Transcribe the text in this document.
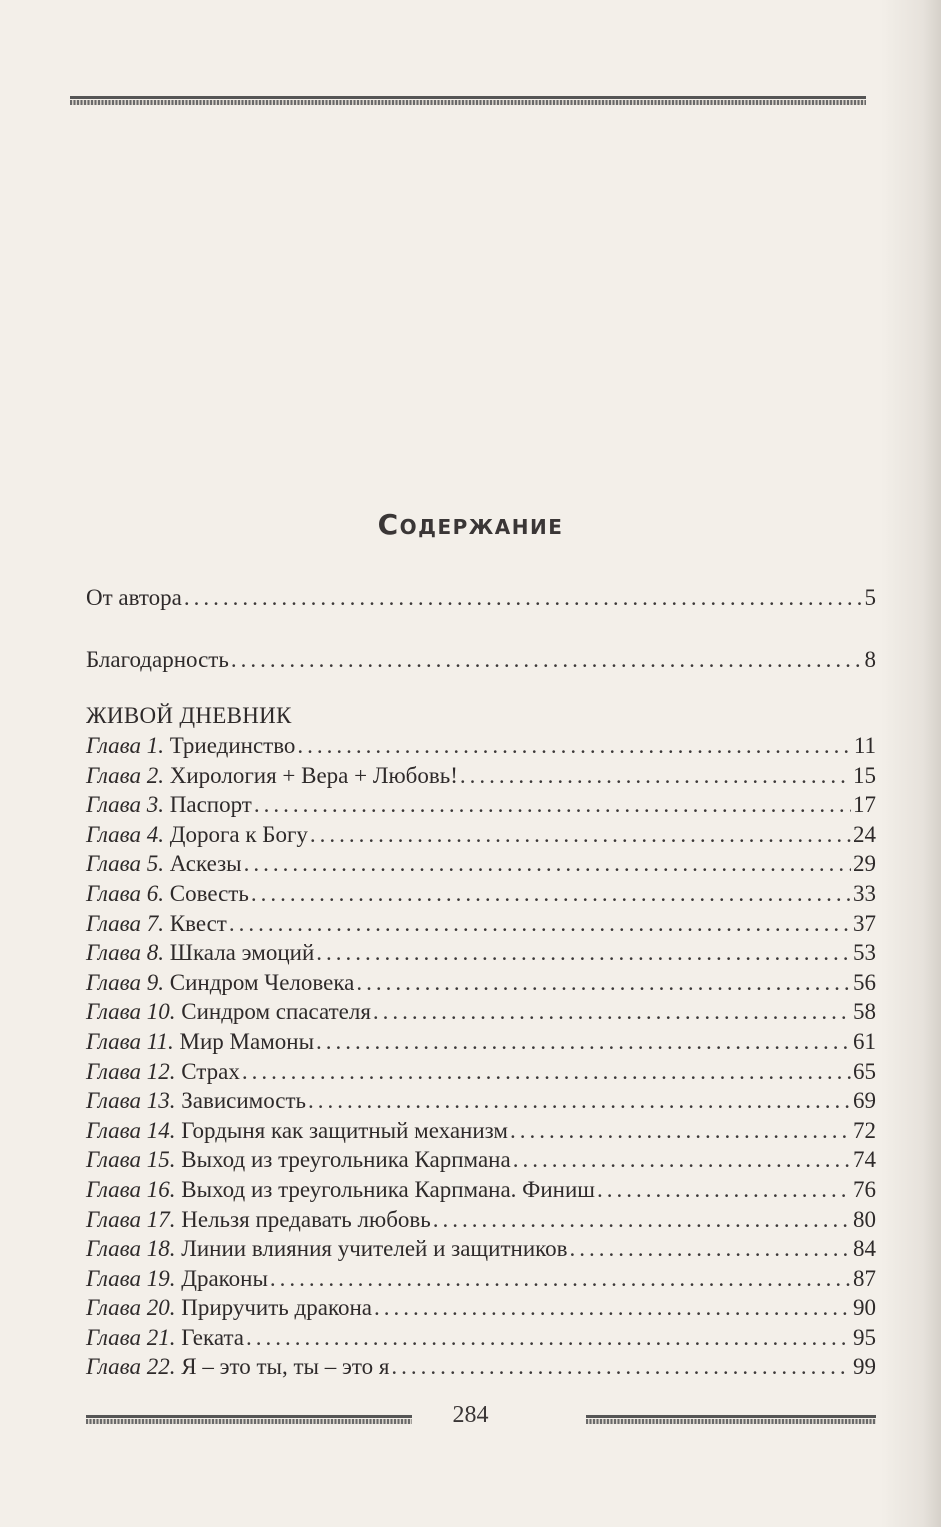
Содержание
От автора .....	5
Благодарность .....	8
ЖИВОЙ ДНЕВНИК
Глава 1. Триединство .....	11
Глава 2. Хирология + Вера + Любовь! .....	15
Глава 3. Паспорт .....	17
Глава 4. Дорога к Богу .....	24
Глава 5. Аскезы .....	29
Глава 6. Совесть .....	33
Глава 7. Квест .....	37
Глава 8. Шкала эмоций .....	53
Глава 9. Синдром Человека .....	56
Глава 10. Синдром спасателя .....	58
Глава 11. Мир Мамоны .....	61
Глава 12. Страх .....	65
Глава 13. Зависимость .....	69
Глава 14. Гордыня как защитный механизм .....	72
Глава 15. Выход из треугольника Карпмана .....	74
Глава 16. Выход из треугольника Карпмана. Финиш .....	76
Глава 17. Нельзя предавать любовь .....	80
Глава 18. Линии влияния учителей и защитников .....	84
Глава 19. Драконы .....	87
Глава 20. Приручить дракона .....	90
Глава 21. Геката .....	95
Глава 22. Я – это ты, ты – это я .....	99
284
